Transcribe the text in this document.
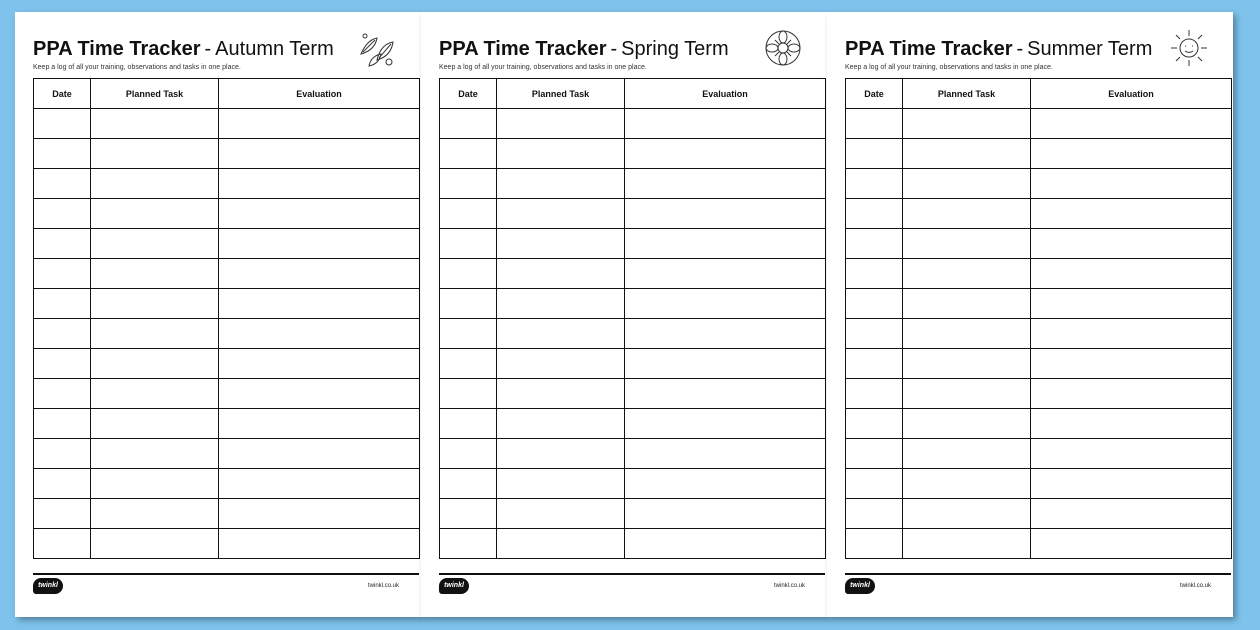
PPA Time Tracker - Autumn Term
Keep a log of all your training, observations and tasks in one place.
Date	Planned Task	Evaluation

twinkl	twinkl.co.uk
PPA Time Tracker - Spring Term
Keep a log of all your training, observations and tasks in one place.
Date	Planned Task	Evaluation

twinkl	twinkl.co.uk
PPA Time Tracker - Summer Term
Keep a log of all your training, observations and tasks in one place.
Date	Planned Task	Evaluation

twinkl	twinkl.co.uk
